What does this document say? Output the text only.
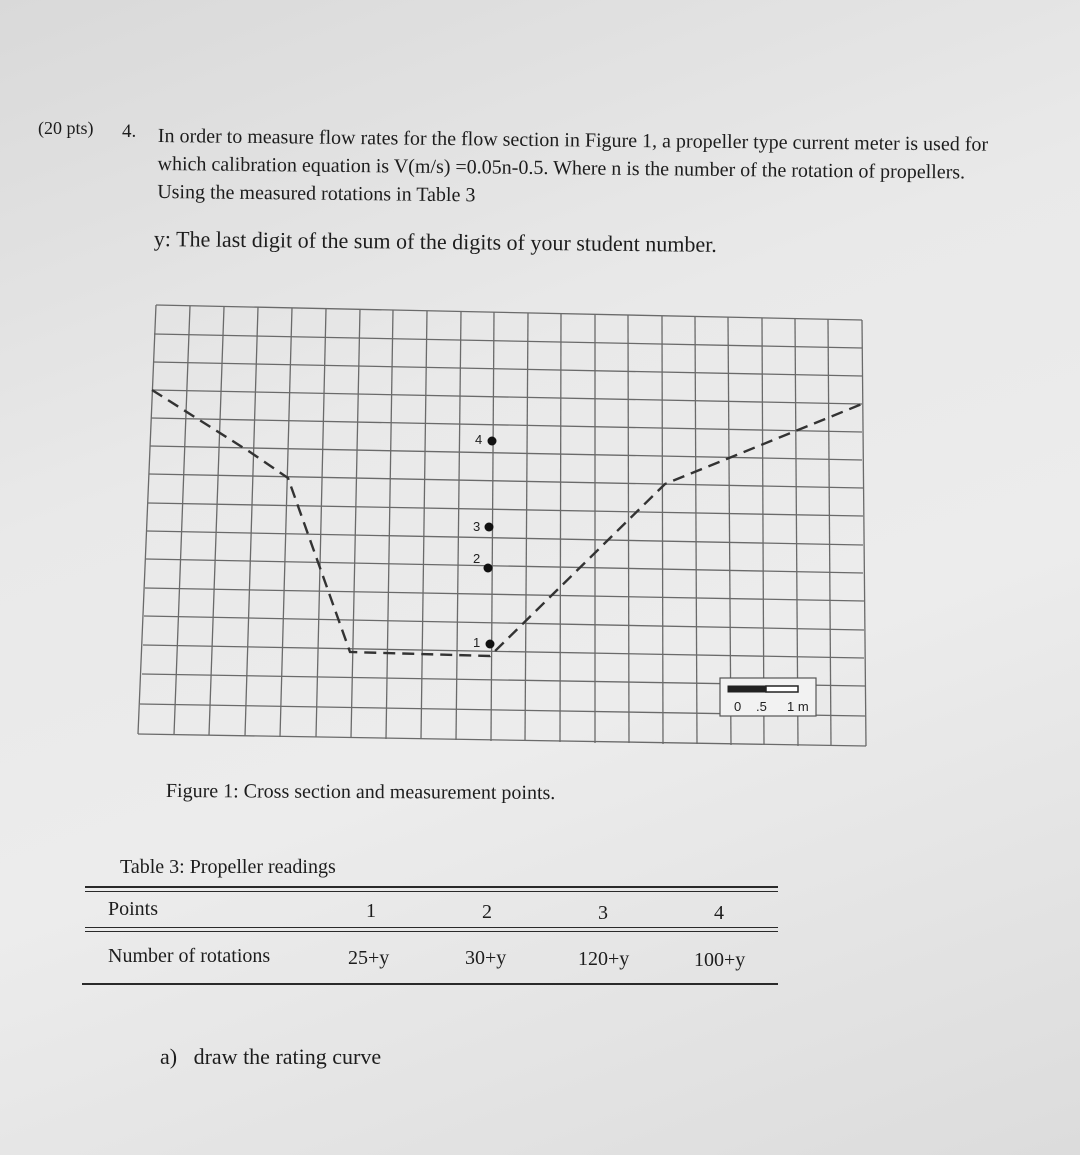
(20 pts) 4. In order to measure flow rates for the flow section in Figure 1, a propeller type current meter is used for which calibration equation is V(m/s) =0.05n-0.5. Where n is the number of the rotation of propellers. Using the measured rotations in Table 3
y: The last digit of the sum of the digits of your student number.
1
2
3
4
0 .5 1 m
Figure 1: Cross section and measurement points.
Table 3: Propeller readings
Points	1	2	3	4
Number of rotations	25+y	30+y	120+y	100+y
a) draw the rating curve
